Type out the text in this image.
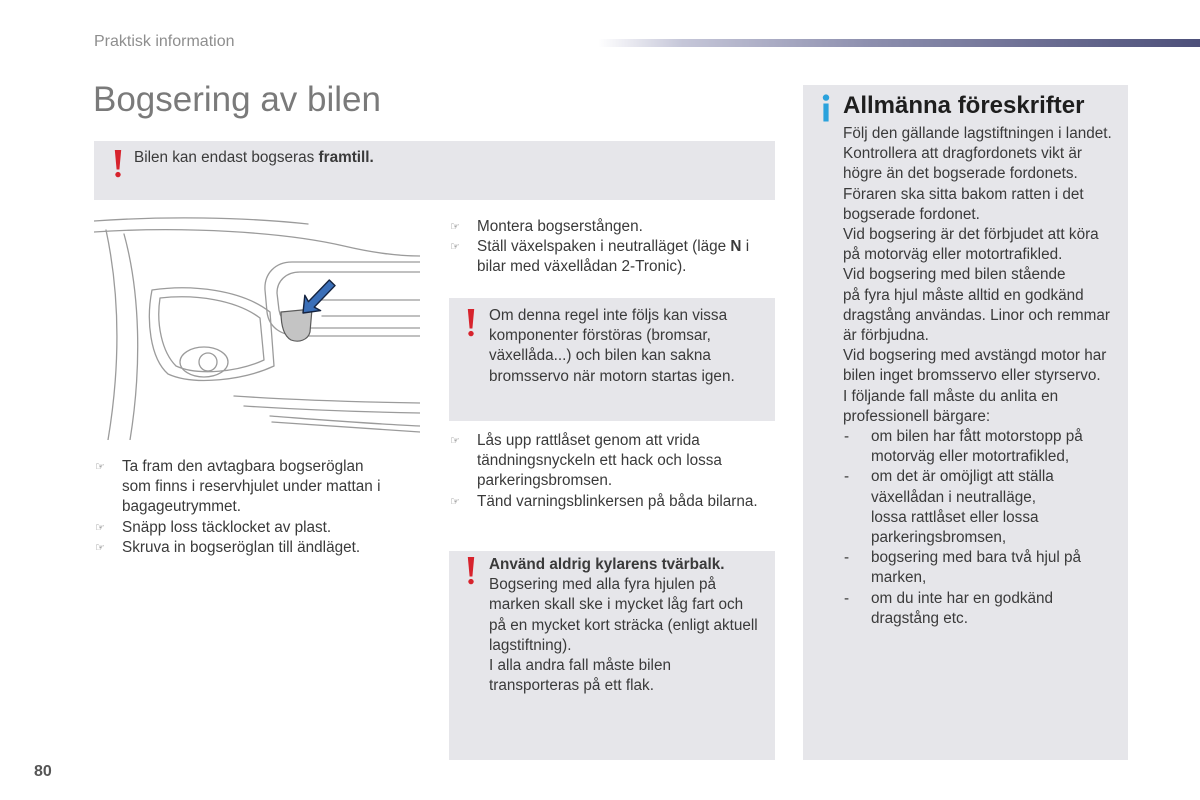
Praktisk information
Bogsering av bilen
Bilen kan endast bogseras framtill.
☞
Ta fram den avtagbara bogseröglan
som finns i reservhjulet under mattan i
bagageutrymmet.
☞
Snäpp loss täcklocket av plast.
☞
Skruva in bogseröglan till ändläget.
☞
Montera bogserstången.
☞
Ställ växelspaken i neutralläget (läge N i
bilar med växellådan 2-Tronic).
Om denna regel inte följs kan vissa
komponenter förstöras (bromsar,
växellåda...) och bilen kan sakna
bromsservo när motorn startas igen.
☞
Lås upp rattlåset genom att vrida
tändningsnyckeln ett hack och lossa
parkeringsbromsen.
☞
Tänd varningsblinkersen på båda bilarna.
Använd aldrig kylarens tvärbalk.
Bogsering med alla fyra hjulen på
marken skall ske i mycket låg fart och
på en mycket kort sträcka (enligt aktuell
lagstiftning).
I alla andra fall måste bilen
transporteras på ett flak.
Allmänna föreskrifter
Följ den gällande lagstiftningen i landet.
Kontrollera att dragfordonets vikt är
högre än det bogserade fordonets.
Föraren ska sitta bakom ratten i det
bogserade fordonet.
Vid bogsering är det förbjudet att köra
på motorväg eller motortrafikled.
Vid bogsering med bilen stående
på fyra hjul måste alltid en godkänd
dragstång användas. Linor och remmar
är förbjudna.
Vid bogsering med avstängd motor har
bilen inget bromsservo eller styrservo.
I följande fall måste du anlita en
professionell bärgare:
- om bilen har fått motorstopp på
motorväg eller motortrafikled,
- om det är omöjligt att ställa
växellådan i neutralläge,
lossa rattlåset eller lossa
parkeringsbromsen,
- bogsering med bara två hjul på
marken,
- om du inte har en godkänd
dragstång etc.
80
